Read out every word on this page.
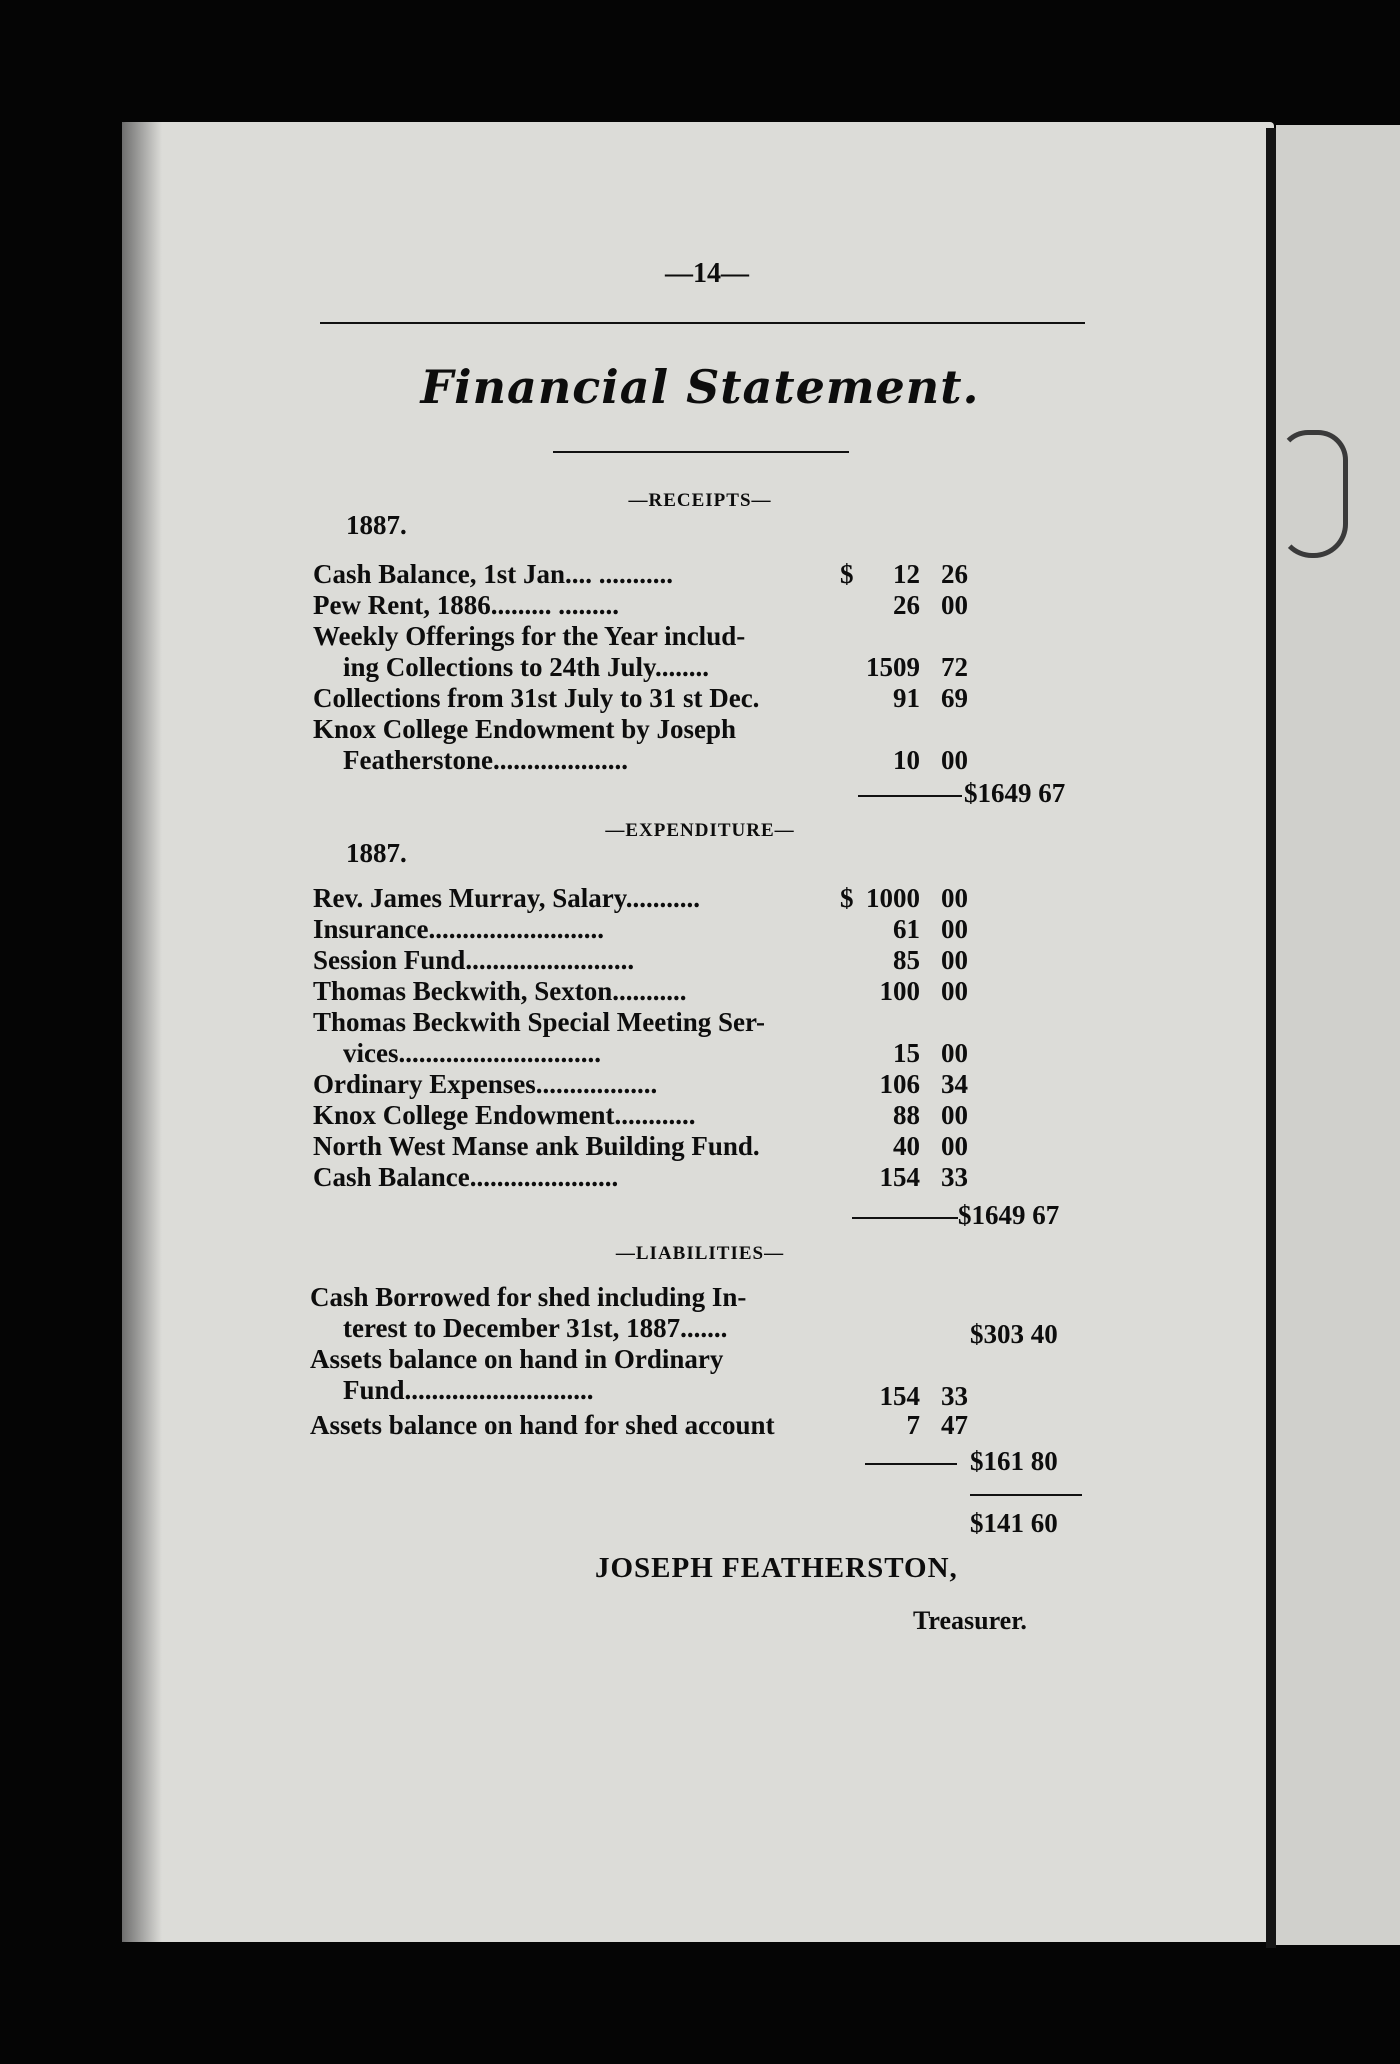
—14—
Financial Statement.
—RECEIPTS—
1887.
Cash Balance, 1st Jan.... ...........	$	12 26
Pew Rent, 1886......... .........	26 00
Weekly Offerings for the Year includ-
ing Collections to 24th July........	1509 72
Collections from 31st July to 31 st Dec.	91 69
Knox College Endowment by Joseph
Featherstone....................	10 00
$1649 67
—EXPENDITURE—
1887.
Rev. James Murray, Salary...........	$ 1000 00
Insurance..........................	61 00
Session Fund.........................	85 00
Thomas Beckwith, Sexton...........	100 00
Thomas Beckwith Special Meeting Ser-
vices..............................	15 00
Ordinary Expenses..................	106 34
Knox College Endowment............	88 00
North West Manse ank Building Fund.	40 00
Cash Balance......................	154 33
$1649 67
—LIABILITIES—
Cash Borrowed for shed including In-
terest to December 31st, 1887.......	$303 40
Assets balance on hand in Ordinary
Fund............................	154 33
Assets balance on hand for shed account	7 47
$161 80
$141 60
JOSEPH FEATHERSTON,
Treasurer.
